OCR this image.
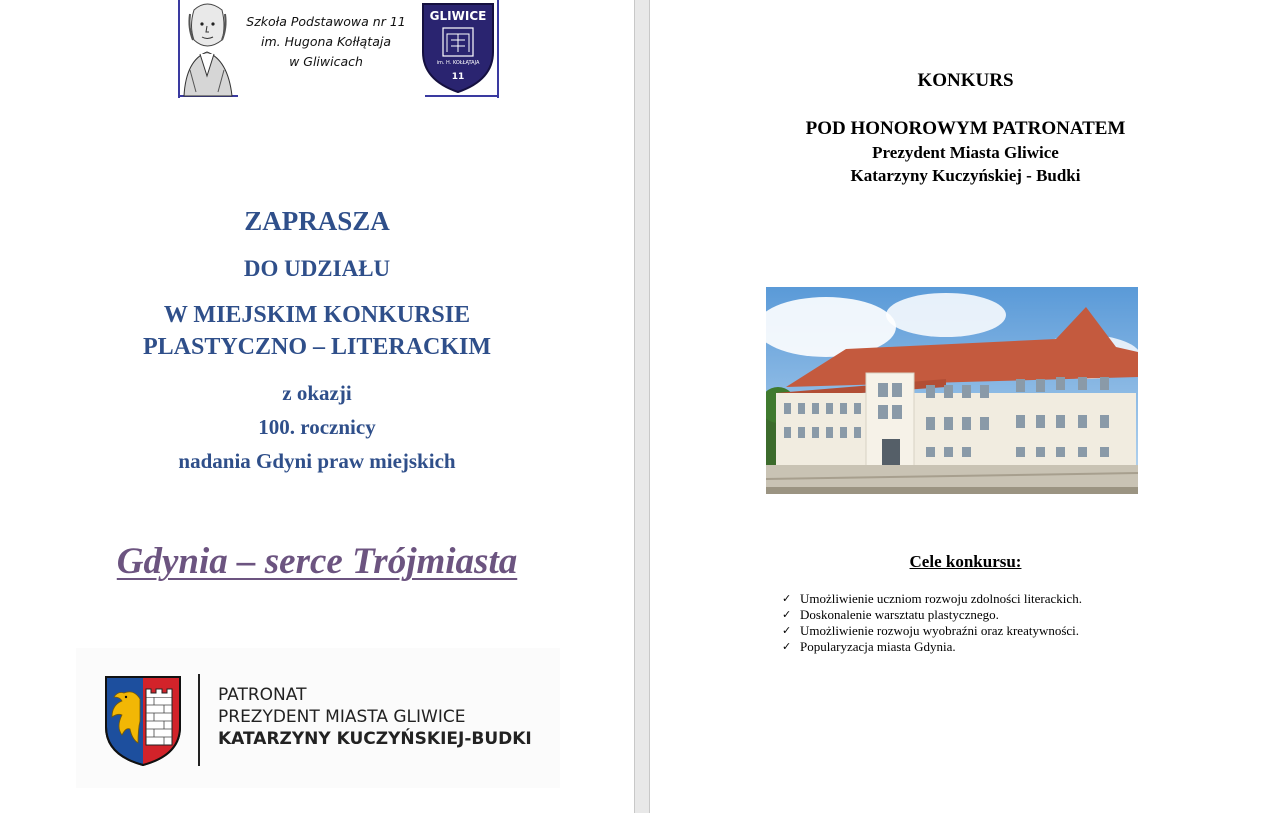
Szkoła Podstawowa nr 11
im. Hugona Kołłątaja
w Gliwicach
GLIWICE
im. H. KOŁŁĄTAJA
11
ZAPRASZA
DO UDZIAŁU
W MIEJSKIM KONKURSIE
PLASTYCZNO – LITERACKIM
z okazji
100. rocznicy
nadania Gdyni praw miejskich
Gdynia – serce Trójmiasta
PATRONAT
PREZYDENT MIASTA GLIWICE
KATARZYNY KUCZYŃSKIEJ-BUDKI
KONKURS
POD HONOROWYM PATRONATEM
Prezydent Miasta Gliwice
Katarzyny Kuczyńskiej - Budki
Cele konkursu:
✓ Umożliwienie uczniom rozwoju zdolności literackich.
✓ Doskonalenie warsztatu plastycznego.
✓ Umożliwienie rozwoju wyobraźni oraz kreatywności.
✓ Popularyzacja miasta Gdynia.
